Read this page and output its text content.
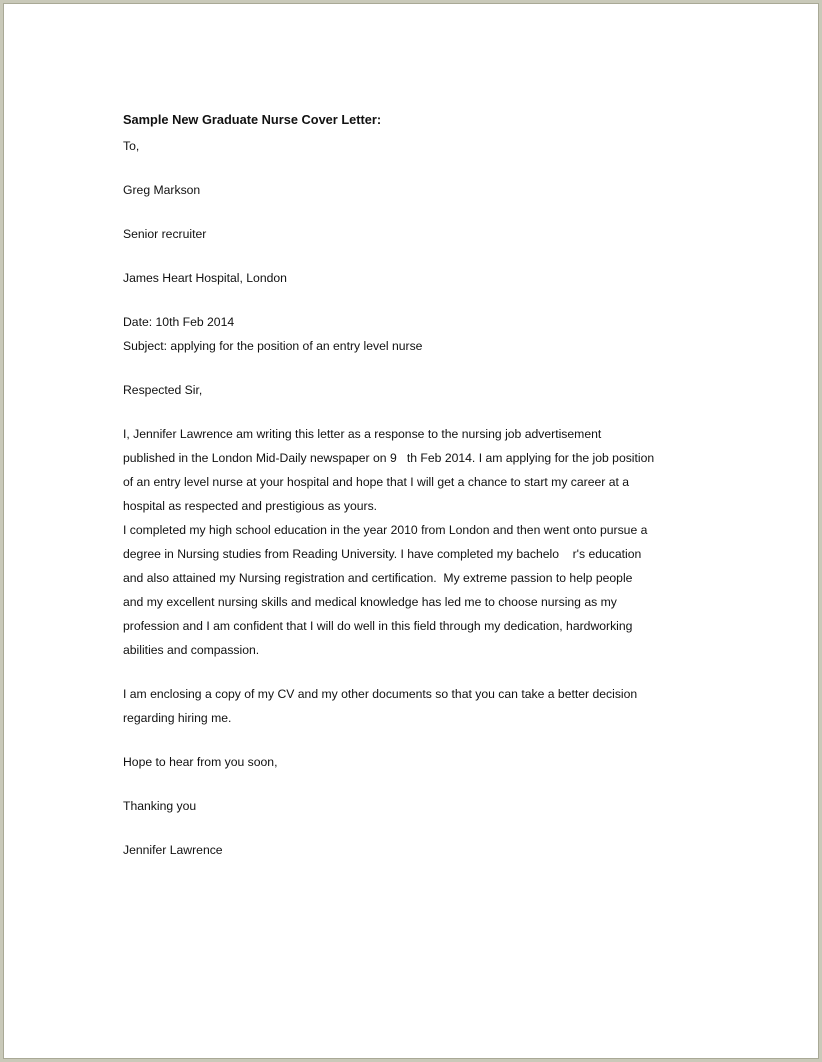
Sample New Graduate Nurse Cover Letter:

To,

Greg Markson

Senior recruiter

James Heart Hospital, London

Date: 10th Feb 2014

Subject: applying for the position of an entry level nurse

Respected Sir,

I, Jennifer Lawrence am writing this letter as a response to the nursing job advertisement

published in the London Mid-Daily newspaper on 9   th Feb 2014. I am applying for the job position

of an entry level nurse at your hospital and hope that I will get a chance to start my career at a

hospital as respected and prestigious as yours.

I completed my high school education in the year 2010 from London and then went onto pursue a

degree in Nursing studies from Reading University. I have completed my bachelo    r's education

and also attained my Nursing registration and certification.  My extreme passion to help people

and my excellent nursing skills and medical knowledge has led me to choose nursing as my

profession and I am confident that I will do well in this field through my dedication, hardworking

abilities and compassion.

I am enclosing a copy of my CV and my other documents so that you can take a better decision

regarding hiring me.

Hope to hear from you soon,

Thanking you

Jennifer Lawrence
